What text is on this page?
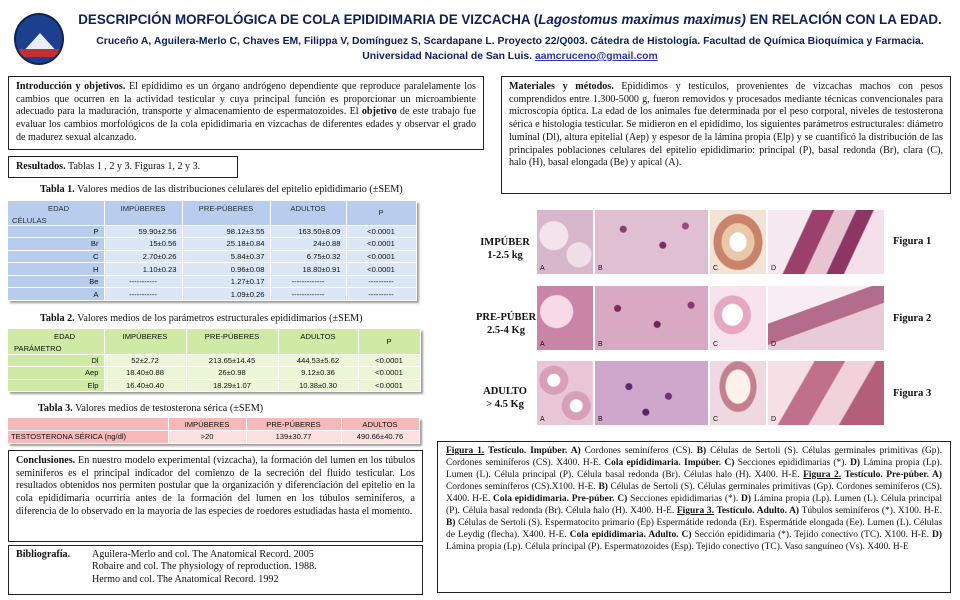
DESCRIPCIÓN MORFOLÓGICA DE COLA EPIDIDIMARIA DE VIZCACHA (Lagostomus maximus maximus) EN RELACIÓN CON LA EDAD.
Cruceño A, Aguilera-Merlo C, Chaves EM, Filippa V, Domínguez S, Scardapane L. Proyecto 22/Q003. Cátedra de Histología. Facultad de Química Bioquímica y Farmacia. Universidad Nacional de San Luis. aamcruceno@gmail.com
Introducción y objetivos. El epidídimo es un órgano andrógeno dependiente que reproduce paralelamente los cambios que ocurren en la actividad testicular y cuya principal función es proporcionar un microambiente adecuado para la maduración, transporte y almacenamiento de espermatozoides. El objetivo de este trabajo fue evaluar los cambios morfológicos de la cola epididimaria en vizcachas de diferentes edades y observar el grado de madurez sexual alcanzado.
Resultados. Tablas 1 , 2 y 3. Figuras 1, 2 y 3.
Tabla 1. Valores medios de las distribuciones celulares del epitelio epididimario (±SEM)
EDAD
CÉLULAS	IMPÚBERES	PRE-PÚBERES	ADULTOS	P

P	59.90±2.56	98.12±3.55	163.50±8.09	<0.0001
Br	15±0.56	25.18±0.84	24±0.88	<0.0001
C	2.70±0.26	5.84±0.37	6.75±0.32	<0.0001
H	1.10±0.23	0.96±0.08	18.80±0.91	<0.0001
Be	-----------	1.27±0.17	-------------	----------
A	-----------	1.09±0.26	-------------	----------
Tabla 2. Valores medios de los parámetros estructurales epididimarios (±SEM)
EDAD
PARÁMETRO	IMPÚBERES	PRE-PÚBERES	ADULTOS	P
Dl	52±2.72	213.65±14.45	444.53±5.62	<0.0001
Aep	18.40±0.88	26±0.98	9.12±0.36	<0.0001
Elp	16.40±0.40	18.29±1.07	10.38±0.30	<0.0001
Tabla 3. Valores medios de testosterona sérica (±SEM)
	IMPÚBERES	PRE-PÚBERES	ADULTOS
TESTOSTERONA SÉRICA (ng/dl)	>20	139±30.77	490.66±40.76
Conclusiones. En nuestro modelo experimental (vizcacha), la formación del lumen en los túbulos seminíferos es el principal indicador del comienzo de la secreción del fluido testicular. Los resultados obtenidos nos permiten postular que la organización y diferenciación del epitelio en la cola epididimaria ocurriría antes de la formación del lumen en los túbulos seminíferos, a diferencia de lo observado en la mayoría de las especies de roedores estudiadas hasta el momento.
Bibliografía.	Aguilera-Merlo and col. The Anatomical Record. 2005
Robaire and col. The physiology of reproduction. 1988.
Hermo and col. The Anatomical Record. 1992
Materiales y métodos. Epidídimos y testículos, provenientes de vizcachas machos con pesos comprendidos entre 1.300-5000 g, fueron removidos y procesados mediante técnicas convencionales para microscopía óptica. La edad de los animales fue determinada por el peso corporal, niveles de testosterona sérica e histología testicular. Se midieron en el epidídimo, los siguientes parámetros estructurales: diámetro luminal (Dl), altura epitelial (Aep) y espesor de la lámina propia (Elp) y se cuantificó la distribución de las principales poblaciones celulares del epitelio epididimario: principal (P), basal redonda (Br), clara (C), halo (H), basal elongada (Be) y apical (A).
IMPÚBER
1-2.5 kg
PRE-PÚBER
2.5-4 Kg
ADULTO
> 4.5 Kg
Figura 1
Figura 2
Figura 3
A	B	C	D
A	B	C	D
A	B	C	D
Figura 1. Testículo. Impúber. A) Cordones seminíferos (CS). B) Células de Sertoli (S). Células germinales primitivas (Gp). Cordones seminíferos (CS). X400. H-E. Cola epididimaria. Impúber. C) Secciones epididimarias (*). D) Lámina propia (Lp). Lumen (L). Célula principal (P). Célula basal redonda (Br). Células halo (H). X400. H-E. Figura 2. Testículo. Pre-púber. A) Cordones seminíferos (CS).X100. H-E. B) Células de Sertoli (S). Células germinales primitivas (Gp). Cordones seminíferos (CS). X400. H-E. Cola epididimaria. Pre-púber. C) Secciones epididimarias (*). D) Lámina propia (Lp). Lumen (L). Célula principal (P). Célula basal redonda (Br). Célula halo (H). X400. H-E. Figura 3. Testículo. Adulto. A) Túbulos seminíferos (*). X100. H-E. B) Células de Sertoli (S). Espermatocito primario (Ep) Espermátide redonda (Er). Espermátide elongada (Ee). Lumen (L). Células de Leydig (flecha). X400. H-E. Cola epididimaria. Adulto. C) Sección epididimaria (*). Tejido conectivo (TC). X100. H-E. D) Lámina propia (Lp). Célula principal (P). Espermatozoides (Esp). Tejido conectivo (TC). Vaso sanguíneo (Vs). X400. H-E
